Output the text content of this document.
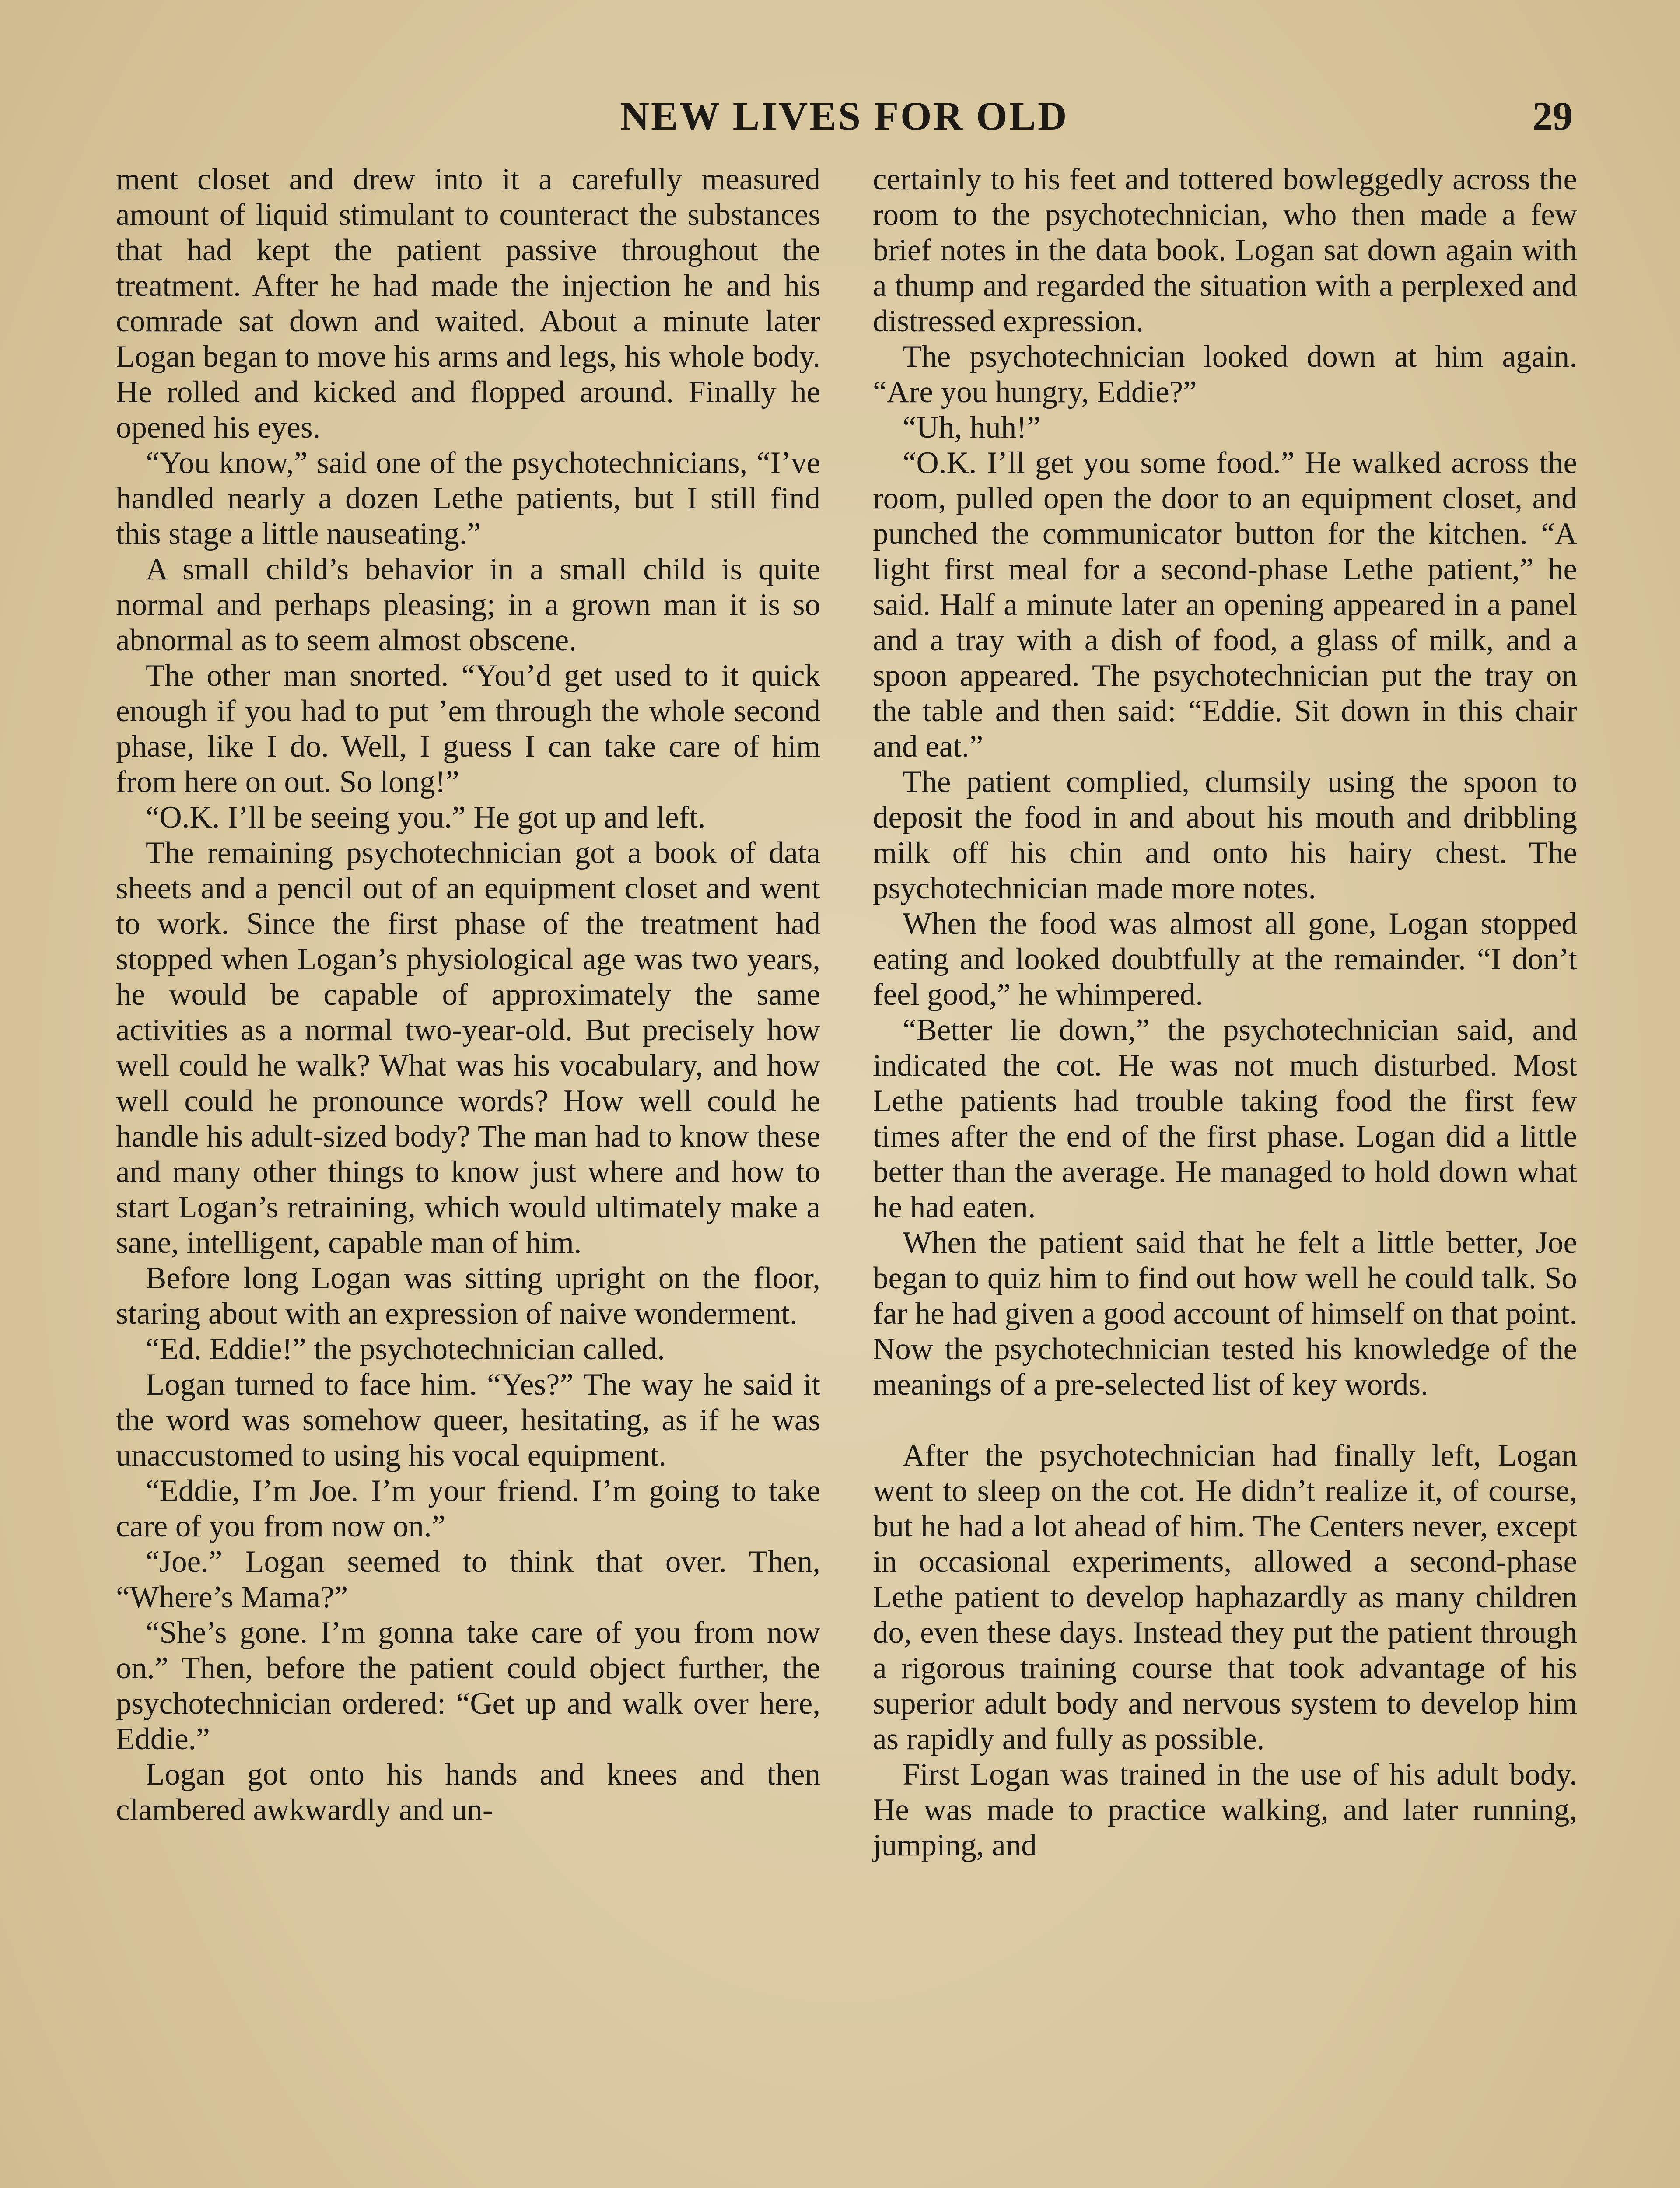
NEW LIVES FOR OLD	29

ment closet and drew into it a carefully measured amount of liquid stimulant to counteract the substances that had kept the patient passive throughout the treatment. After he had made the injection he and his comrade sat down and waited. About a minute later Logan began to move his arms and legs, his whole body. He rolled and kicked and flopped around. Finally he opened his eyes.

“You know,” said one of the psychotechnicians, “I’ve handled nearly a dozen Lethe patients, but I still find this stage a little nauseating.”

A small child’s behavior in a small child is quite normal and perhaps pleasing; in a grown man it is so abnormal as to seem almost obscene.

The other man snorted. “You’d get used to it quick enough if you had to put ’em through the whole second phase, like I do. Well, I guess I can take care of him from here on out. So long!”

“O.K. I’ll be seeing you.” He got up and left.

The remaining psychotechnician got a book of data sheets and a pencil out of an equipment closet and went to work. Since the first phase of the treatment had stopped when Logan’s physiological age was two years, he would be capable of approximately the same activities as a normal two-year-old. But precisely how well could he walk? What was his vocabulary, and how well could he pronounce words? How well could he handle his adult-sized body? The man had to know these and many other things to know just where and how to start Logan’s retraining, which would ultimately make a sane, intelligent, capable man of him.

Before long Logan was sitting upright on the floor, staring about with an expression of naive wonderment.

“Ed. Eddie!” the psychotechnician called.

Logan turned to face him. “Yes?” The way he said it the word was somehow queer, hesitating, as if he was unaccustomed to using his vocal equipment.

“Eddie, I’m Joe. I’m your friend. I’m going to take care of you from now on.”

“Joe.” Logan seemed to think that over. Then, “Where’s Mama?”

“She’s gone. I’m gonna take care of you from now on.” Then, before the patient could object further, the psychotechnician ordered: “Get up and walk over here, Eddie.”

Logan got onto his hands and knees and then clambered awkwardly and un-

certainly to his feet and tottered bowleggedly across the room to the psychotechnician, who then made a few brief notes in the data book. Logan sat down again with a thump and regarded the situation with a perplexed and distressed expression.

The psychotechnician looked down at him again. “Are you hungry, Eddie?”

“Uh, huh!”

“O.K. I’ll get you some food.” He walked across the room, pulled open the door to an equipment closet, and punched the communicator button for the kitchen. “A light first meal for a second-phase Lethe patient,” he said. Half a minute later an opening appeared in a panel and a tray with a dish of food, a glass of milk, and a spoon appeared. The psychotechnician put the tray on the table and then said: “Eddie. Sit down in this chair and eat.”

The patient complied, clumsily using the spoon to deposit the food in and about his mouth and dribbling milk off his chin and onto his hairy chest. The psychotechnician made more notes.

When the food was almost all gone, Logan stopped eating and looked doubtfully at the remainder. “I don’t feel good,” he whimpered.

“Better lie down,” the psychotechnician said, and indicated the cot. He was not much disturbed. Most Lethe patients had trouble taking food the first few times after the end of the first phase. Logan did a little better than the average. He managed to hold down what he had eaten.

When the patient said that he felt a little better, Joe began to quiz him to find out how well he could talk. So far he had given a good account of himself on that point. Now the psychotechnician tested his knowledge of the meanings of a pre-selected list of key words.

After the psychotechnician had finally left, Logan went to sleep on the cot. He didn’t realize it, of course, but he had a lot ahead of him. The Centers never, except in occasional experiments, allowed a second-phase Lethe patient to develop haphazardly as many children do, even these days. Instead they put the patient through a rigorous training course that took advantage of his superior adult body and nervous system to develop him as rapidly and fully as possible.

First Logan was trained in the use of his adult body. He was made to practice walking, and later running, jumping, and
